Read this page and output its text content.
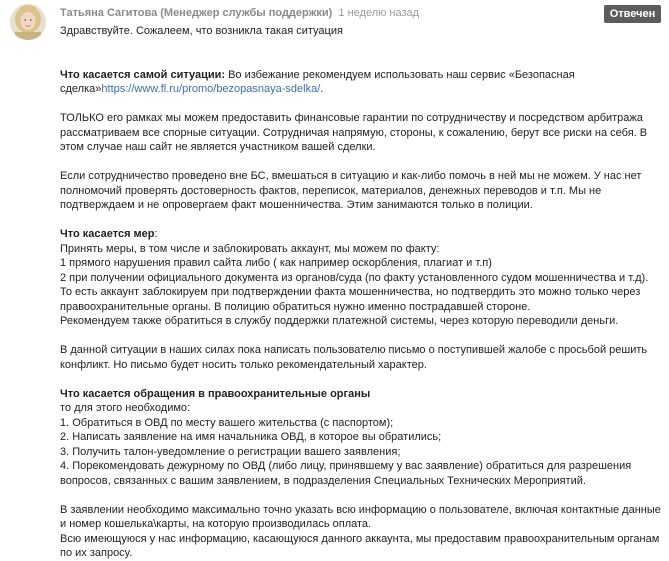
Татьяна Сагитова (Менеджер службы поддержки) 1 неделю назад	Отвечен

Здравствуйте. Сожалеем, что возникла такая ситуация

Что касается самой ситуации: Во избежание рекомендуем использовать наш сервис «Безопасная сделка»https://www.fl.ru/promo/bezopasnaya-sdelka/.

ТОЛЬКО его рамках мы можем предоставить финансовые гарантии по сотрудничеству и посредством арбитража рассматриваем все спорные ситуации. Сотрудничая напрямую, стороны, к сожалению, берут все риски на себя. В этом случае наш сайт не является участником вашей сделки.

Если сотрудничество проведено вне БС, вмешаться в ситуацию и как-либо помочь в ней мы не можем. У нас нет полномочий проверять достоверность фактов, переписок, материалов, денежных переводов и т.п. Мы не подтверждаем и не опровергаем факт мошенничества. Этим занимаются только в полиции.

Что касается мер:

Принять меры, в том числе и заблокировать аккаунт, мы можем по факту:

1 прямого нарушения правил сайта либо ( как например оскорбления, плагиат и т.п)

2 при получении официального документа из органов/суда (по факту установленного судом мошенничества и т.д).

То есть аккаунт заблокируем при подтверждении факта мошенничества, но подтвердить это можно только через правоохранительные органы. В полицию обратиться нужно именно пострадавшей стороне.

Рекомендуем также обратиться в службу поддержки платежной системы, через которую переводили деньги.

В данной ситуации в наших силах пока написать пользователю письмо о поступившей жалобе с просьбой решить конфликт. Но письмо будет носить только рекомендательный характер.

Что касается обращения в правоохранительные органы

то для этого необходимо:

1. Обратиться в ОВД по месту вашего жительства (с паспортом);

2. Написать заявление на имя начальника ОВД, в которое вы обратились;

3. Получить талон-уведомление о регистрации вашего заявления;

4. Порекомендовать дежурному по ОВД (либо лицу, принявшему у вас заявление) обратиться для разрешения вопросов, связанных с вашим заявлением, в подразделения Специальных Технических Мероприятий.

В заявлении необходимо максимально точно указать всю информацию о пользователе, включая контактные данные и номер кошелька\карты, на которую производилась оплата.

Всю имеющуюся у нас информацию, касающуюся данного аккаунта, мы предоставим правоохранительным органам по их запросу.
